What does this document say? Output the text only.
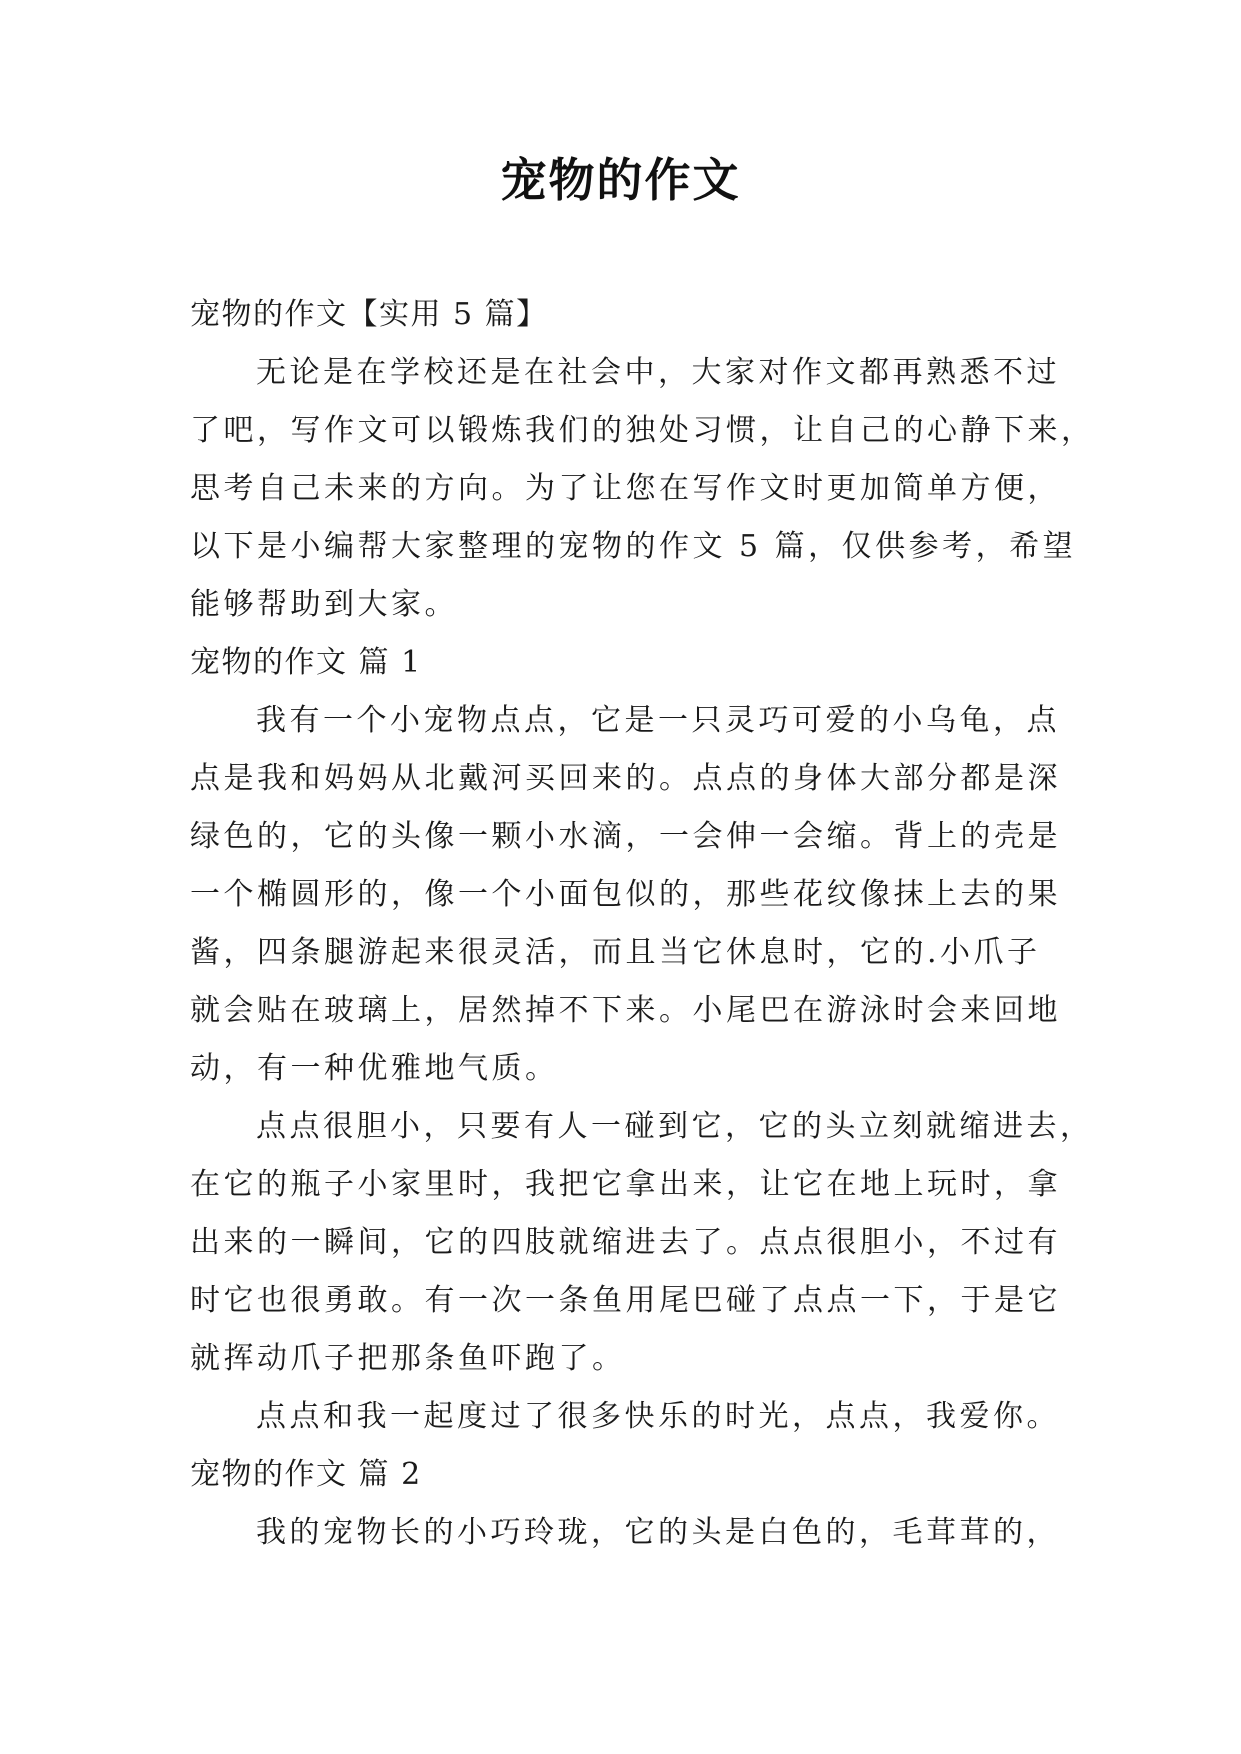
宠物的作文
宠物的作文【实用 5 篇】
无论是在学校还是在社会中，大家对作文都再熟悉不过
了吧，写作文可以锻炼我们的独处习惯，让自己的心静下来，
思考自己未来的方向。为了让您在写作文时更加简单方便，
以下是小编帮大家整理的宠物的作文 5 篇，仅供参考，希望
能够帮助到大家。
宠物的作文 篇 1
我有一个小宠物点点，它是一只灵巧可爱的小乌龟，点
点是我和妈妈从北戴河买回来的。点点的身体大部分都是深
绿色的，它的头像一颗小水滴，一会伸一会缩。背上的壳是
一个椭圆形的，像一个小面包似的，那些花纹像抹上去的果
酱，四条腿游起来很灵活，而且当它休息时，它的.小爪子
就会贴在玻璃上，居然掉不下来。小尾巴在游泳时会来回地
动，有一种优雅地气质。
点点很胆小，只要有人一碰到它，它的头立刻就缩进去，
在它的瓶子小家里时，我把它拿出来，让它在地上玩时，拿
出来的一瞬间，它的四肢就缩进去了。点点很胆小，不过有
时它也很勇敢。有一次一条鱼用尾巴碰了点点一下，于是它
就挥动爪子把那条鱼吓跑了。
点点和我一起度过了很多快乐的时光，点点，我爱你。
宠物的作文 篇 2
我的宠物长的小巧玲珑，它的头是白色的，毛茸茸的，
